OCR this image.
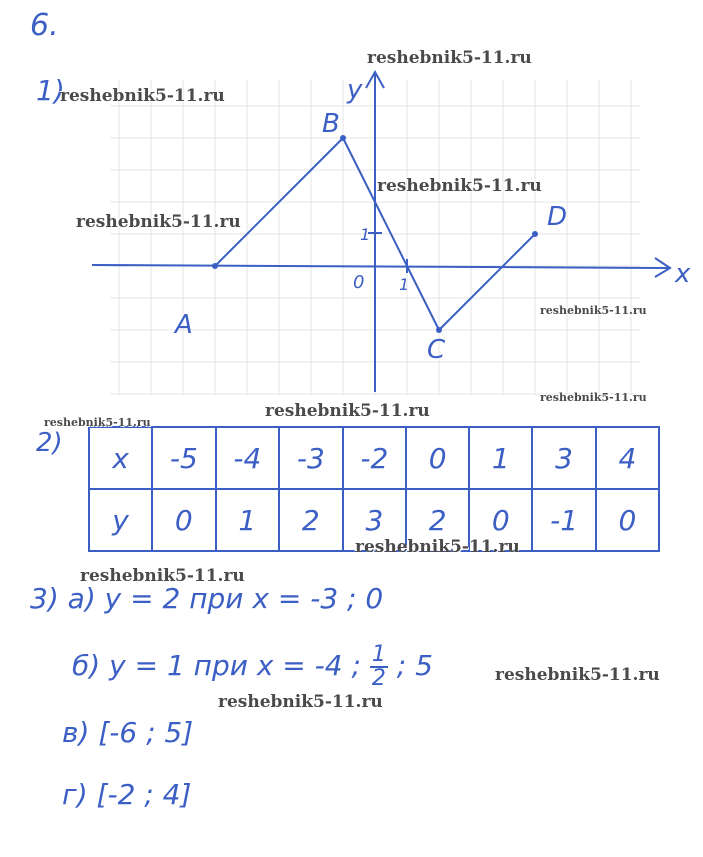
6.
1)
x
y
0 1
1
A
B
C
D
2) x	-5	-4	-3	-2	0	1	3	4
y	0	1	2	3	2	0	-1	0
3) a) y = 2 при x = -3 ; 0
б) y = 1 при x = -4 ; $\frac{1}{2}$ ; 5
в) [-6 ; 5]
г) [-2 ; 4]
reshebnik5-11.ru
reshebnik5-11.ru
reshebnik5-11.ru
reshebnik5-11.ru
reshebnik5-11.ru
reshebnik5-11.ru
reshebnik5-11.ru
reshebnik5-11.ru
reshebnik5-11.ru
reshebnik5-11.ru
reshebnik5-11.ru
reshebnik5-11.ru
